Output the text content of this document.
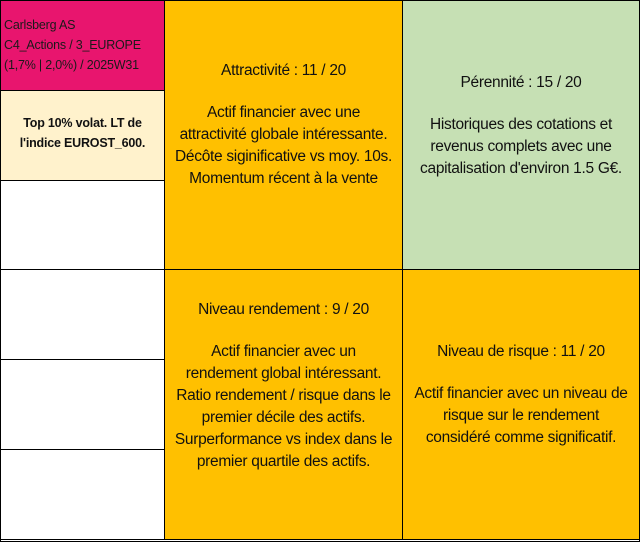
Carlsberg AS
C4_Actions / 3_EUROPE
(1,7% | 2,0%) / 2025W31
Top 10% volat. LT de
l'indice EUROST_600.
Attractivité : 11 / 20
Actif financier avec une
attractivité globale intéressante.
Décôte siginificative vs moy. 10s.
Momentum récent à la vente
Pérennité : 15 / 20
Historiques des cotations et
revenus complets avec une
capitalisation d'environ 1.5 G€.
Niveau rendement : 9 / 20
Actif financier avec un
rendement global intéressant.
Ratio rendement / risque dans le
premier décile des actifs.
Surperformance vs index dans le
premier quartile des actifs.
Niveau de risque : 11 / 20
Actif financier avec un niveau de
risque sur le rendement
considéré comme significatif.
